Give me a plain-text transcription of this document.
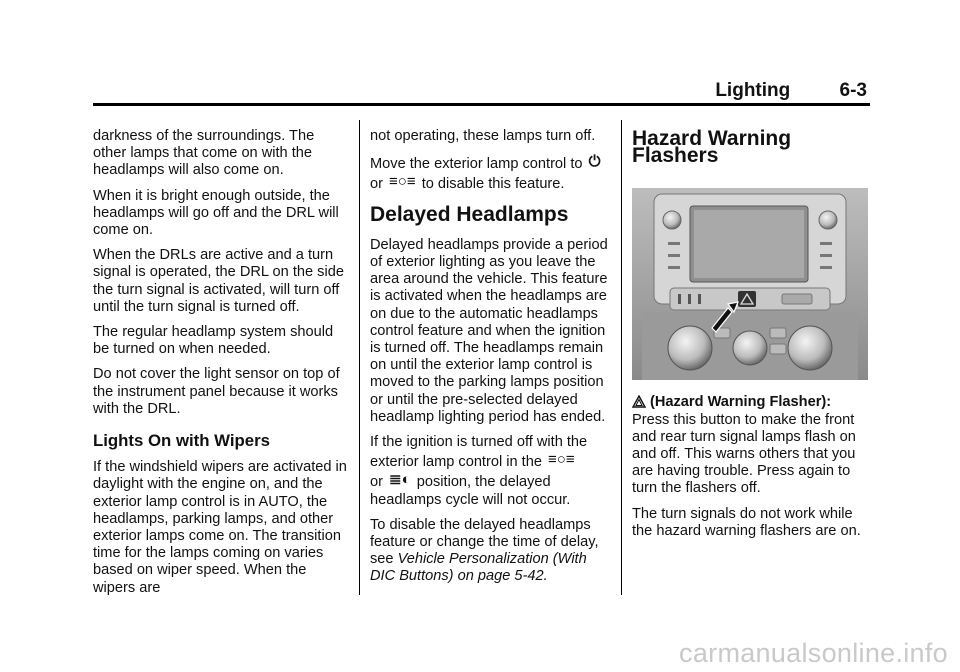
Lighting	6-3

darkness of the surroundings. The other lamps that come on with the headlamps will also come on.

When it is bright enough outside, the headlamps will go off and the DRL will come on.

When the DRLs are active and a turn signal is operated, the DRL on the side the turn signal is activated, will turn off until the turn signal is turned off.

The regular headlamp system should be turned on when needed.

Do not cover the light sensor on top of the instrument panel because it works with the DRL.

Lights On with Wipers

If the windshield wipers are activated in daylight with the engine on, and the exterior lamp control is in AUTO, the headlamps, parking lamps, and other exterior lamps come on. The transition time for the lamps coming on varies based on wiper speed. When the wipers are

not operating, these lamps turn off.

Move the exterior lamp control to ⏻
or ≡○≡ to disable this feature.

Delayed Headlamps

Delayed headlamps provide a period of exterior lighting as you leave the area around the vehicle. This feature is activated when the headlamps are on due to the automatic headlamps control feature and when the ignition is turned off. The headlamps remain on until the exterior lamp control is moved to the parking lamps position or until the pre-selected delayed headlamp lighting period has ended.

If the ignition is turned off with the exterior lamp control in the ≡○≡
or ≣◐ position, the delayed headlamps cycle will not occur.

To disable the delayed headlamps feature or change the time of delay, see Vehicle Personalization (With DIC Buttons) on page 5-42.

Hazard Warning Flashers

(Hazard Warning Flasher):
Press this button to make the front and rear turn signal lamps flash on and off. This warns others that you are having trouble. Press again to turn the flashers off.

The turn signals do not work while the hazard warning flashers are on.

carmanualsonline.info
